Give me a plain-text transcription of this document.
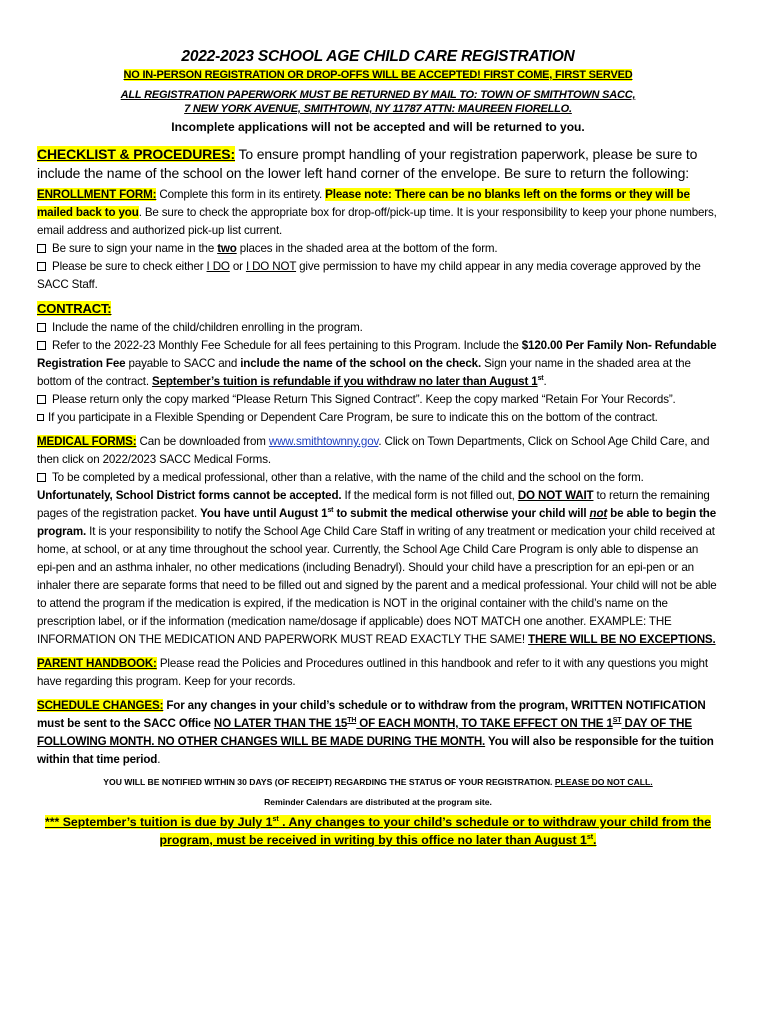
2022-2023 SCHOOL AGE CHILD CARE REGISTRATION
NO IN-PERSON REGISTRATION OR DROP-OFFS WILL BE ACCEPTED! FIRST COME, FIRST SERVED
ALL REGISTRATION PAPERWORK MUST BE RETURNED BY MAIL TO: TOWN OF SMITHTOWN SACC,
7 NEW YORK AVENUE, SMITHTOWN, NY 11787 ATTN: MAUREEN FIORELLO.
Incomplete applications will not be accepted and will be returned to you.

CHECKLIST & PROCEDURES: To ensure prompt handling of your registration paperwork, please be sure to include the name of the school on the lower left hand corner of the envelope. Be sure to return the following:

ENROLLMENT FORM: Complete this form in its entirety. Please note: There can be no blanks left on the forms or they will be mailed back to you. Be sure to check the appropriate box for drop-off/pick-up time. It is your responsibility to keep your phone numbers, email address and authorized pick-up list current.

Be sure to sign your name in the two places in the shaded area at the bottom of the form.

Please be sure to check either I DO or I DO NOT give permission to have my child appear in any media coverage approved by the SACC Staff.

CONTRACT:

Include the name of the child/children enrolling in the program.

Refer to the 2022-23 Monthly Fee Schedule for all fees pertaining to this Program. Include the $120.00 Per Family Non- Refundable Registration Fee payable to SACC and include the name of the school on the check. Sign your name in the shaded area at the bottom of the contract. September’s tuition is refundable if you withdraw no later than August 1st.

Please return only the copy marked “Please Return This Signed Contract”. Keep the copy marked “Retain For Your Records”.

If you participate in a Flexible Spending or Dependent Care Program, be sure to indicate this on the bottom of the contract.

MEDICAL FORMS: Can be downloaded from www.smithtownny.gov. Click on Town Departments, Click on School Age Child Care, and then click on 2022/2023 SACC Medical Forms.

To be completed by a medical professional, other than a relative, with the name of the child and the school on the form. Unfortunately, School District forms cannot be accepted. If the medical form is not filled out, DO NOT WAIT to return the remaining pages of the registration packet. You have until August 1st to submit the medical otherwise your child will not be able to begin the program. It is your responsibility to notify the School Age Child Care Staff in writing of any treatment or medication your child received at home, at school, or at any time throughout the school year. Currently, the School Age Child Care Program is only able to dispense an epi-pen and an asthma inhaler, no other medications (including Benadryl). Should your child have a prescription for an epi-pen or an inhaler there are separate forms that need to be filled out and signed by the parent and a medical professional. Your child will not be able to attend the program if the medication is expired, if the medication is NOT in the original container with the child’s name on the prescription label, or if the information (medication name/dosage if applicable) does NOT MATCH one another. EXAMPLE: THE INFORMATION ON THE MEDICATION AND PAPERWORK MUST READ EXACTLY THE SAME! THERE WILL BE NO EXCEPTIONS.

PARENT HANDBOOK: Please read the Policies and Procedures outlined in this handbook and refer to it with any questions you might have regarding this program. Keep for your records.

SCHEDULE CHANGES: For any changes in your child’s schedule or to withdraw from the program, WRITTEN NOTIFICATION must be sent to the SACC Office NO LATER THAN THE 15TH OF EACH MONTH, TO TAKE EFFECT ON THE 1ST DAY OF THE FOLLOWING MONTH. NO OTHER CHANGES WILL BE MADE DURING THE MONTH. You will also be responsible for the tuition within that time period.

YOU WILL BE NOTIFIED WITHIN 30 DAYS (OF RECEIPT) REGARDING THE STATUS OF YOUR REGISTRATION. PLEASE DO NOT CALL.
Reminder Calendars are distributed at the program site.

*** September’s tuition is due by July 1st . Any changes to your child’s schedule or to withdraw your child from the program, must be received in writing by this office no later than August 1st.
